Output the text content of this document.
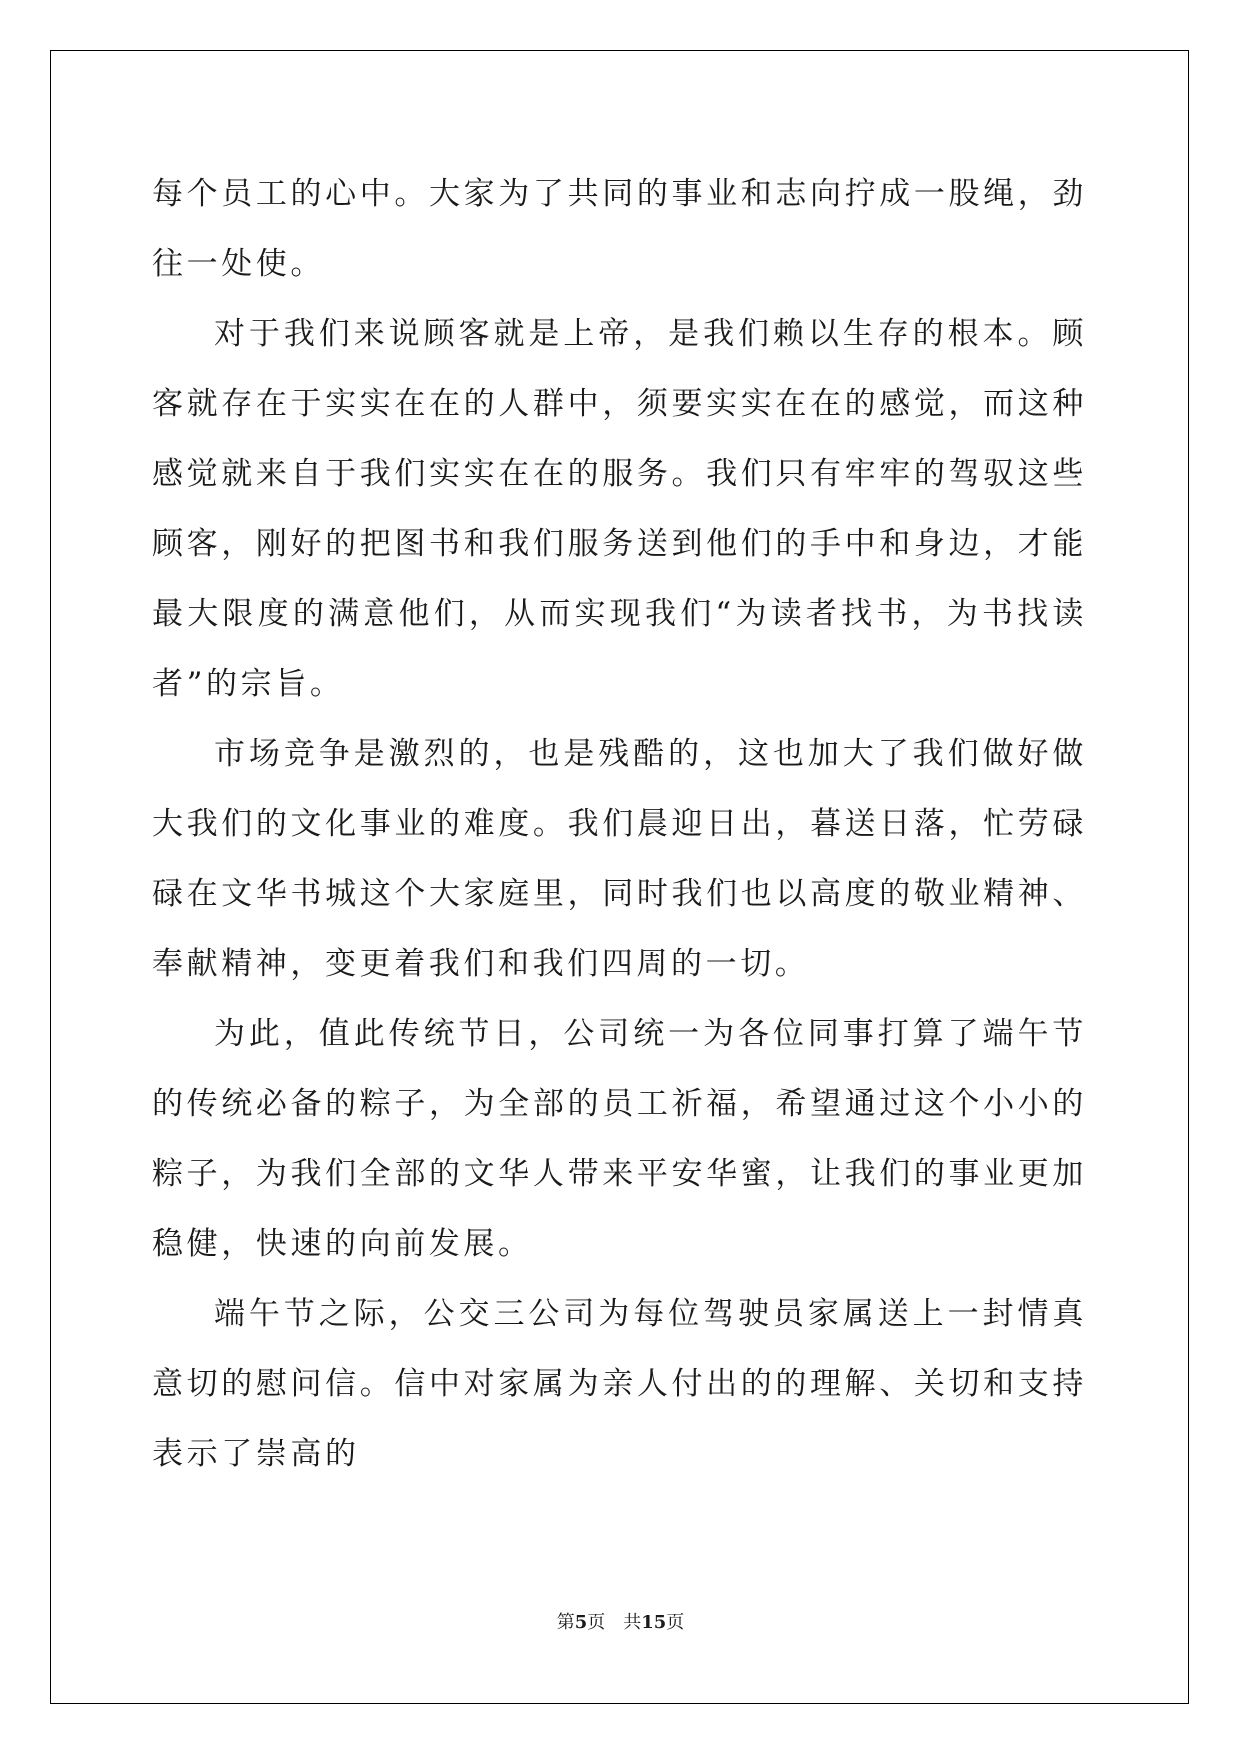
每个员工的心中。大家为了共同的事业和志向拧成一股绳，劲往一处使。

对于我们来说顾客就是上帝，是我们赖以生存的根本。顾客就存在于实实在在的人群中，须要实实在在的感觉，而这种感觉就来自于我们实实在在的服务。我们只有牢牢的驾驭这些顾客，刚好的把图书和我们服务送到他们的手中和身边，才能最大限度的满意他们，从而实现我们“为读者找书，为书找读者”的宗旨。

市场竞争是激烈的，也是残酷的，这也加大了我们做好做大我们的文化事业的难度。我们晨迎日出，暮送日落，忙劳碌碌在文华书城这个大家庭里，同时我们也以高度的敬业精神、奉献精神，变更着我们和我们四周的一切。

为此，值此传统节日，公司统一为各位同事打算了端午节的传统必备的粽子，为全部的员工祈福，希望通过这个小小的粽子，为我们全部的文华人带来平安华蜜，让我们的事业更加稳健，快速的向前发展。

端午节之际，公交三公司为每位驾驶员家属送上一封情真意切的慰问信。信中对家属为亲人付出的的理解、关切和支持表示了崇高的

第5页 共15页
